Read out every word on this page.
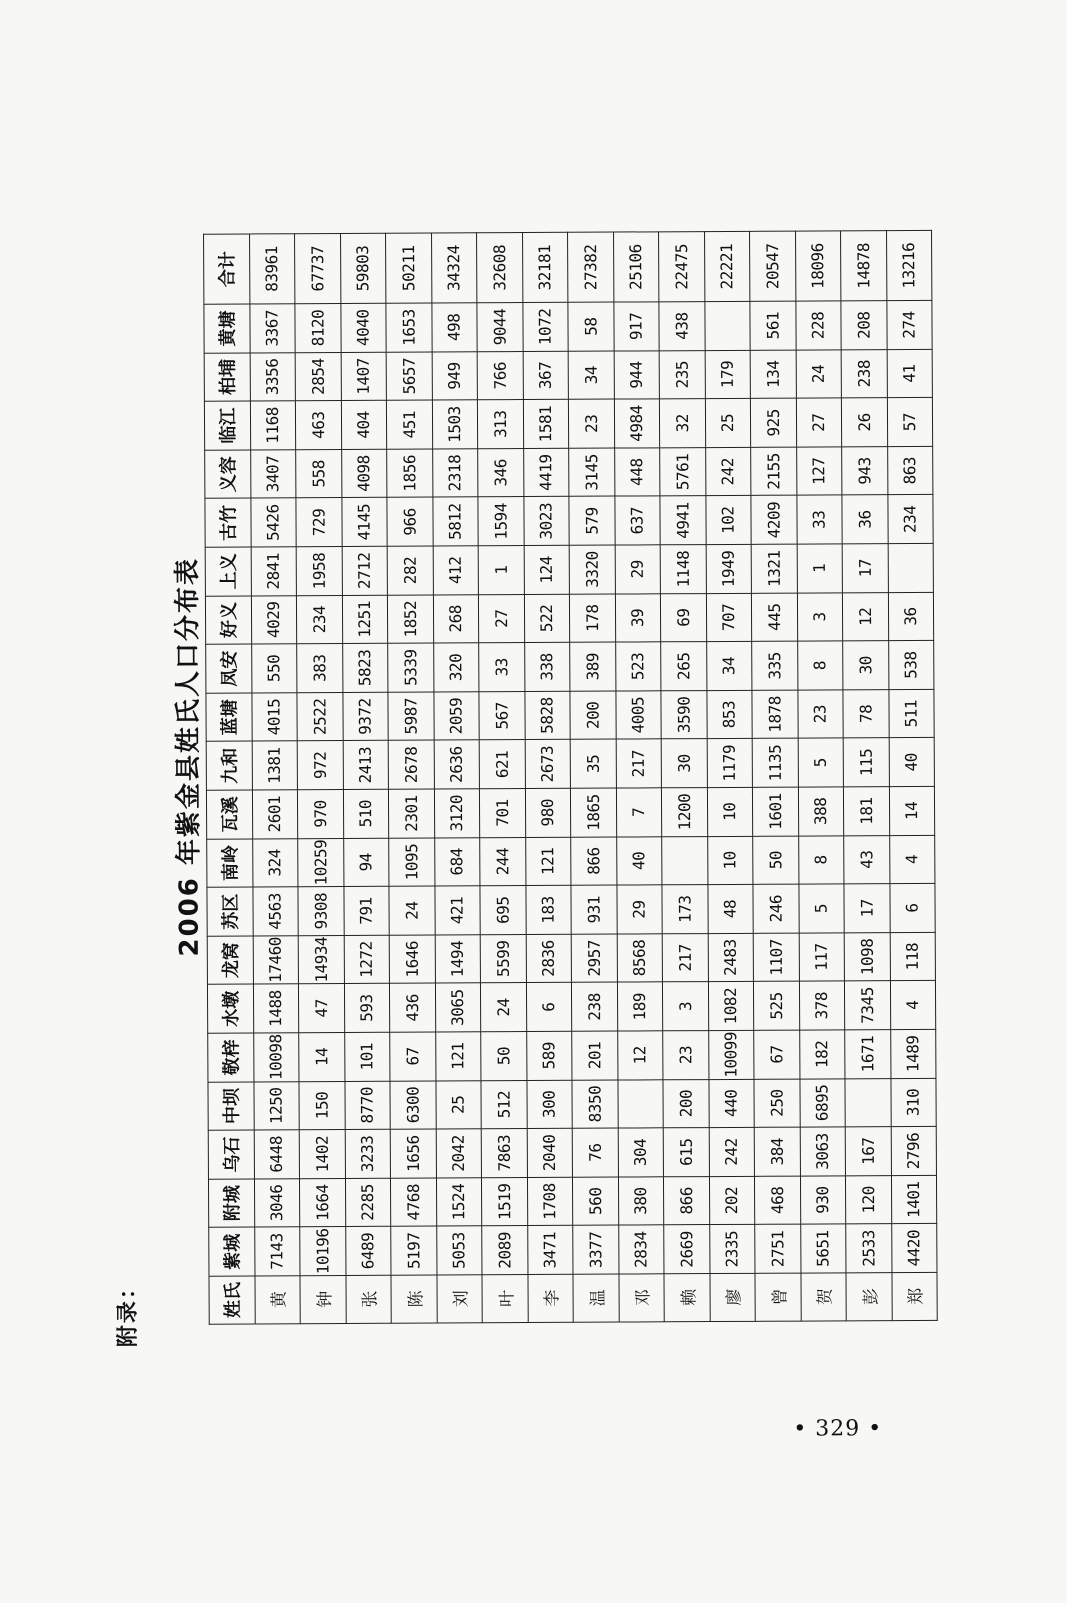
附录：
2006 年紫金县姓氏人口分布表
姓氏	紫城	附城	乌石	中坝	敬梓	水墩	龙窝	苏区	南岭	瓦溪	九和	蓝塘	凤安	好义	上义	古竹	义容	临江	柏埔	黄塘	合计
黄	7143	3046	6448	1250	10098	1488	17460	4563	324	2601	1381	4015	550	4029	2841	5426	3407	1168	3356	3367	83961
钟	10196	1664	1402	150	14	47	14934	9308	10259	970	972	2522	383	234	1958	729	558	463	2854	8120	67737
张	6489	2285	3233	8770	101	593	1272	791	94	510	2413	9372	5823	1251	2712	4145	4098	404	1407	4040	59803
陈	5197	4768	1656	6300	67	436	1646	24	1095	2301	2678	5987	5339	1852	282	966	1856	451	5657	1653	50211
刘	5053	1524	2042	25	121	3065	1494	421	684	3120	2636	2059	320	268	412	5812	2318	1503	949	498	34324
叶	2089	1519	7863	512	50	24	5599	695	244	701	621	567	33	27	1	1594	346	313	766	9044	32608
李	3471	1708	2040	300	589	6	2836	183	121	980	2673	5828	338	522	124	3023	4419	1581	367	1072	32181
温	3377	560	76	8350	201	238	2957	931	866	1865	35	200	389	178	3320	579	3145	23	34	58	27382
邓	2834	380	304		12	189	8568	29	40	7	217	4005	523	39	29	637	448	4984	944	917	25106
赖	2669	866	615	200	23	3	217	173		1200	30	3590	265	69	1148	4941	5761	32	235	438	22475
廖	2335	202	242	440	10099	1082	2483	48	10	10	1179	853	34	707	1949	102	242	25	179		22221
曾	2751	468	384	250	67	525	1107	246	50	1601	1135	1878	335	445	1321	4209	2155	925	134	561	20547
贺	5651	930	3063	6895	182	378	117	5	8	388	5	23	8	3	1	33	127	27	24	228	18096
彭	2533	120	167		1671	7345	1098	17	43	181	115	78	30	12	17	36	943	26	238	208	14878
郑	4420	1401	2796	310	1489	4	118	6	4	14	40	511	538	36		234	863	57	41	274	13216
• 329 •
